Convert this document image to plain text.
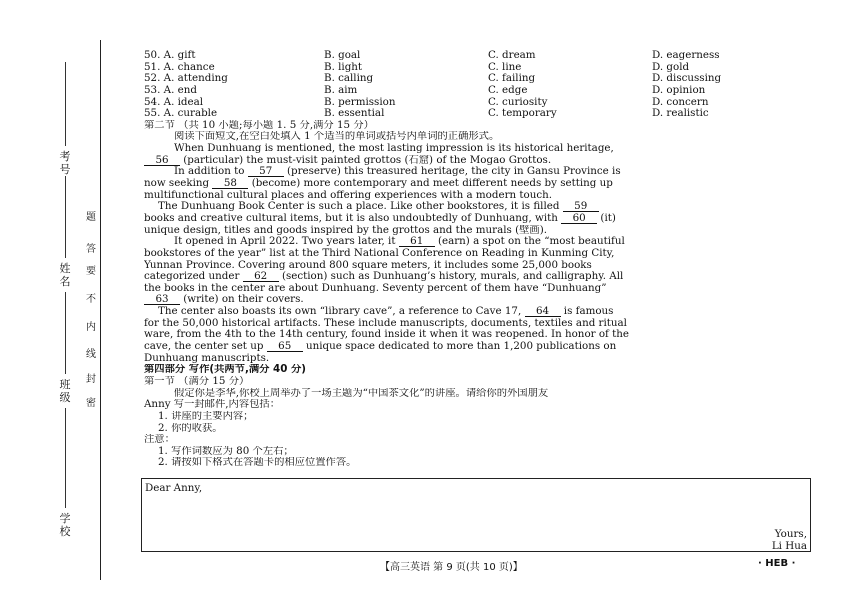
考号
姓名
班级
学校
题
答
要
不
内
线
封
密
50. A. gift	B. goal	C. dream	D. eagerness
51. A. chance	B. light	C. line	D. gold
52. A. attending	B. calling	C. failing	D. discussing
53. A. end	B. aim	C. edge	D. opinion
54. A. ideal	B. permission	C. curiosity	D. concern
55. A. curable	B. essential	C. temporary	D. realistic
第二节 （共 10 小题;每小题 1. 5 分,满分 15 分）
阅读下面短文,在空白处填入 1 个适当的单词或括号内单词的正确形式。
When Dunhuang is mentioned, the most lasting impression is its historical heritage,
56 (particular) the must-visit painted grottos (石窟) of the Mogao Grottos.
In addition to 57 (preserve) this treasured heritage, the city in Gansu Province is
now seeking 58 (become) more contemporary and meet different needs by setting up
multifunctional cultural places and offering experiences with a modern touch.
The Dunhuang Book Center is such a place. Like other bookstores, it is filled 59
books and creative cultural items, but it is also undoubtedly of Dunhuang, with 60 (it)
unique design, titles and goods inspired by the grottos and the murals (壁画).
It opened in April 2022. Two years later, it 61 (earn) a spot on the “most beautiful
bookstores of the year” list at the Third National Conference on Reading in Kunming City,
Yunnan Province. Covering around 800 square meters, it includes some 25,000 books
categorized under 62 (section) such as Dunhuang’s history, murals, and calligraphy. All
the books in the center are about Dunhuang. Seventy percent of them have “Dunhuang”
63 (write) on their covers.
The center also boasts its own “library cave”, a reference to Cave 17, 64 is famous
for the 50,000 historical artifacts. These include manuscripts, documents, textiles and ritual
ware, from the 4th to the 14th century, found inside it when it was reopened. In honor of the
cave, the center set up 65 unique space dedicated to more than 1,200 publications on
Dunhuang manuscripts.
第四部分 写作(共两节,满分 40 分)
第一节 （满分 15 分）
假定你是李华,你校上周举办了一场主题为“中国茶文化”的讲座。请给你的外国朋友
Anny 写一封邮件,内容包括：
1. 讲座的主要内容；
2. 你的收获。
注意：
1. 写作词数应为 80 个左右；
2. 请按如下格式在答题卡的相应位置作答。
Dear Anny,
Yours,
Li Hua
【高三英语 第 9 页(共 10 页)】	· HEB ·
